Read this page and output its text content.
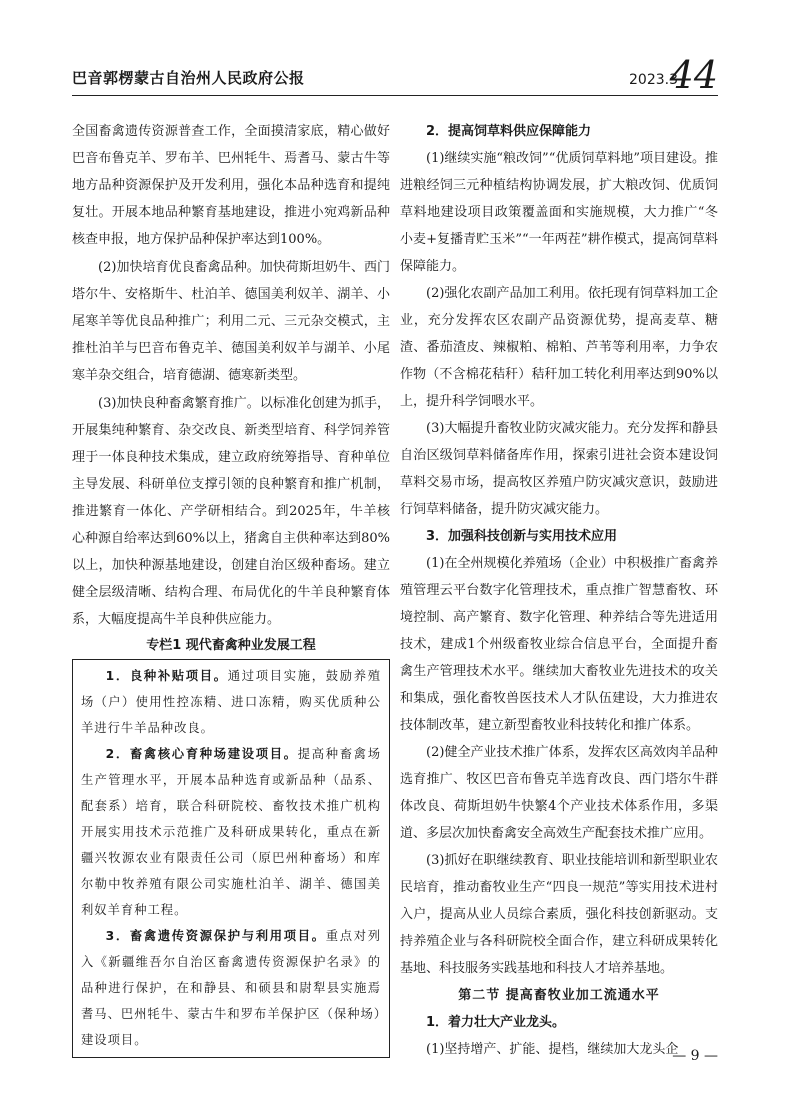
巴音郭楞蒙古自治州人民政府公报	2023.3
44

全国畜禽遗传资源普查工作，全面摸清家底，精心做好巴音布鲁克羊、罗布羊、巴州牦牛、焉耆马、蒙古牛等地方品种资源保护及开发利用，强化本品种选育和提纯复壮。开展本地品种繁育基地建设，推进小宛鸡新品种核查申报，地方保护品种保护率达到100%。

(2)加快培育优良畜禽品种。加快荷斯坦奶牛、西门塔尔牛、安格斯牛、杜泊羊、德国美利奴羊、湖羊、小尾寒羊等优良品种推广；利用二元、三元杂交模式，主推杜泊羊与巴音布鲁克羊、德国美利奴羊与湖羊、小尾寒羊杂交组合，培育德湖、德寒新类型。

(3)加快良种畜禽繁育推广。以标准化创建为抓手，开展集纯种繁育、杂交改良、新类型培育、科学饲养管理于一体良种技术集成，建立政府统筹指导、育种单位主导发展、科研单位支撑引领的良种繁育和推广机制，推进繁育一体化、产学研相结合。到2025年，牛羊核心种源自给率达到60%以上，猪禽自主供种率达到80%以上，加快种源基地建设，创建自治区级种畜场。建立健全层级清晰、结构合理、布局优化的牛羊良种繁育体系，大幅度提高牛羊良种供应能力。

专栏1 现代畜禽种业发展工程

1．良种补贴项目。通过项目实施，鼓励养殖场（户）使用性控冻精、进口冻精，购买优质种公羊进行牛羊品种改良。

2．畜禽核心育种场建设项目。提高种畜禽场生产管理水平，开展本品种选育或新品种（品系、配套系）培育，联合科研院校、畜牧技术推广机构开展实用技术示范推广及科研成果转化，重点在新疆兴牧源农业有限责任公司（原巴州种畜场）和库尔勒中牧养殖有限公司实施杜泊羊、湖羊、德国美利奴羊育种工程。

3．畜禽遗传资源保护与利用项目。重点对列入《新疆维吾尔自治区畜禽遗传资源保护名录》的品种进行保护，在和静县、和硕县和尉犁县实施焉耆马、巴州牦牛、蒙古牛和罗布羊保护区（保种场）建设项目。

2．提高饲草料供应保障能力

(1)继续实施“粮改饲”“优质饲草料地”项目建设。推进粮经饲三元种植结构协调发展，扩大粮改饲、优质饲草料地建设项目政策覆盖面和实施规模，大力推广“冬小麦+复播青贮玉米”“一年两茬”耕作模式，提高饲草料保障能力。

(2)强化农副产品加工利用。依托现有饲草料加工企业，充分发挥农区农副产品资源优势，提高麦草、糖渣、番茄渣皮、辣椒粕、棉粕、芦苇等利用率，力争农作物（不含棉花秸秆）秸秆加工转化利用率达到90%以上，提升科学饲喂水平。

(3)大幅提升畜牧业防灾减灾能力。充分发挥和静县自治区级饲草料储备库作用，探索引进社会资本建设饲草料交易市场，提高牧区养殖户防灾减灾意识，鼓励进行饲草料储备，提升防灾减灾能力。

3．加强科技创新与实用技术应用

(1)在全州规模化养殖场（企业）中积极推广畜禽养殖管理云平台数字化管理技术，重点推广智慧畜牧、环境控制、高产繁育、数字化管理、种养结合等先进适用技术，建成1个州级畜牧业综合信息平台，全面提升畜禽生产管理技术水平。继续加大畜牧业先进技术的攻关和集成，强化畜牧兽医技术人才队伍建设，大力推进农技体制改革，建立新型畜牧业科技转化和推广体系。

(2)健全产业技术推广体系，发挥农区高效肉羊品种选育推广、牧区巴音布鲁克羊选育改良、西门塔尔牛群体改良、荷斯坦奶牛快繁4个产业技术体系作用，多渠道、多层次加快畜禽安全高效生产配套技术推广应用。

(3)抓好在职继续教育、职业技能培训和新型职业农民培育，推动畜牧业生产“四良一规范”等实用技术进村入户，提高从业人员综合素质，强化科技创新驱动。支持养殖企业与各科研院校全面合作，建立科研成果转化基地、科技服务实践基地和科技人才培养基地。

第二节 提高畜牧业加工流通水平

1．着力壮大产业龙头。

(1)坚持增产、扩能、提档，继续加大龙头企

— 9 —
